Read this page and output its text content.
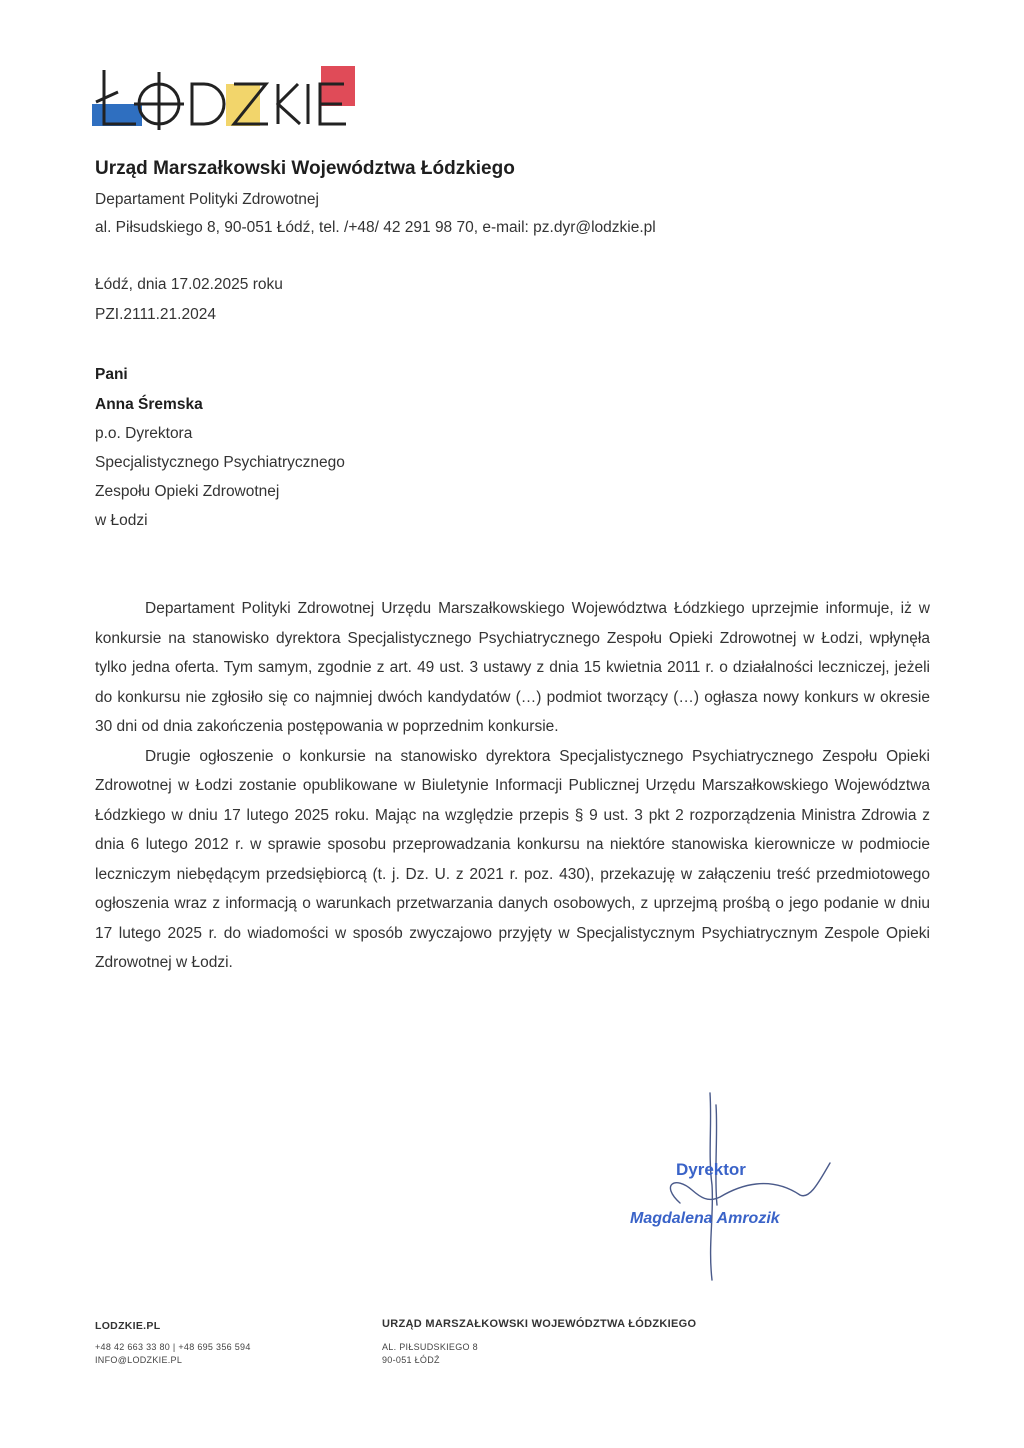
Urząd Marszałkowski Województwa Łódzkiego
Departament Polityki Zdrowotnej
al. Piłsudskiego 8, 90-051 Łódź, tel. /+48/ 42 291 98 70, e-mail: pz.dyr@lodzkie.pl
Łódź, dnia 17.02.2025 roku
PZI.2111.21.2024
Pani
Anna Śremska
p.o. Dyrektora
Specjalistycznego Psychiatrycznego
Zespołu Opieki Zdrowotnej
w Łodzi

Departament Polityki Zdrowotnej Urzędu Marszałkowskiego Województwa Łódzkiego uprzejmie informuje, iż w konkursie na stanowisko dyrektora Specjalistycznego Psychiatrycznego Zespołu Opieki Zdrowotnej w Łodzi, wpłynęła tylko jedna oferta. Tym samym, zgodnie z art. 49 ust. 3 ustawy z dnia 15 kwietnia 2011 r. o działalności leczniczej, jeżeli do konkursu nie zgłosiło się co najmniej dwóch kandydatów (…) podmiot tworzący (…) ogłasza nowy konkurs w okresie 30 dni od dnia zakończenia postępowania w poprzednim konkursie.

Drugie ogłoszenie o konkursie na stanowisko dyrektora Specjalistycznego Psychiatrycznego Zespołu Opieki Zdrowotnej w Łodzi zostanie opublikowane w Biuletynie Informacji Publicznej Urzędu Marszałkowskiego Województwa Łódzkiego w dniu 17 lutego 2025 roku. Mając na względzie przepis § 9 ust. 3 pkt 2 rozporządzenia Ministra Zdrowia z dnia 6 lutego 2012 r. w sprawie sposobu przeprowadzania konkursu na niektóre stanowiska kierownicze w podmiocie leczniczym niebędącym przedsiębiorcą (t. j. Dz. U. z 2021 r. poz. 430), przekazuję w załączeniu treść przedmiotowego ogłoszenia wraz z informacją o warunkach przetwarzania danych osobowych, z uprzejmą prośbą o jego podanie w dniu 17 lutego 2025 r. do wiadomości w sposób zwyczajowo przyjęty w Specjalistycznym Psychiatrycznym Zespole Opieki Zdrowotnej w Łodzi.

Dyrektor
Magdalena Amrozik
LODZKIE.PL
+48 42 663 33 80 | +48 695 356 594
INFO@LODZKIE.PL
URZĄD MARSZAŁKOWSKI WOJEWÓDZTWA ŁÓDZKIEGO
AL. PIŁSUDSKIEGO 8
90-051 ŁÓDŹ
